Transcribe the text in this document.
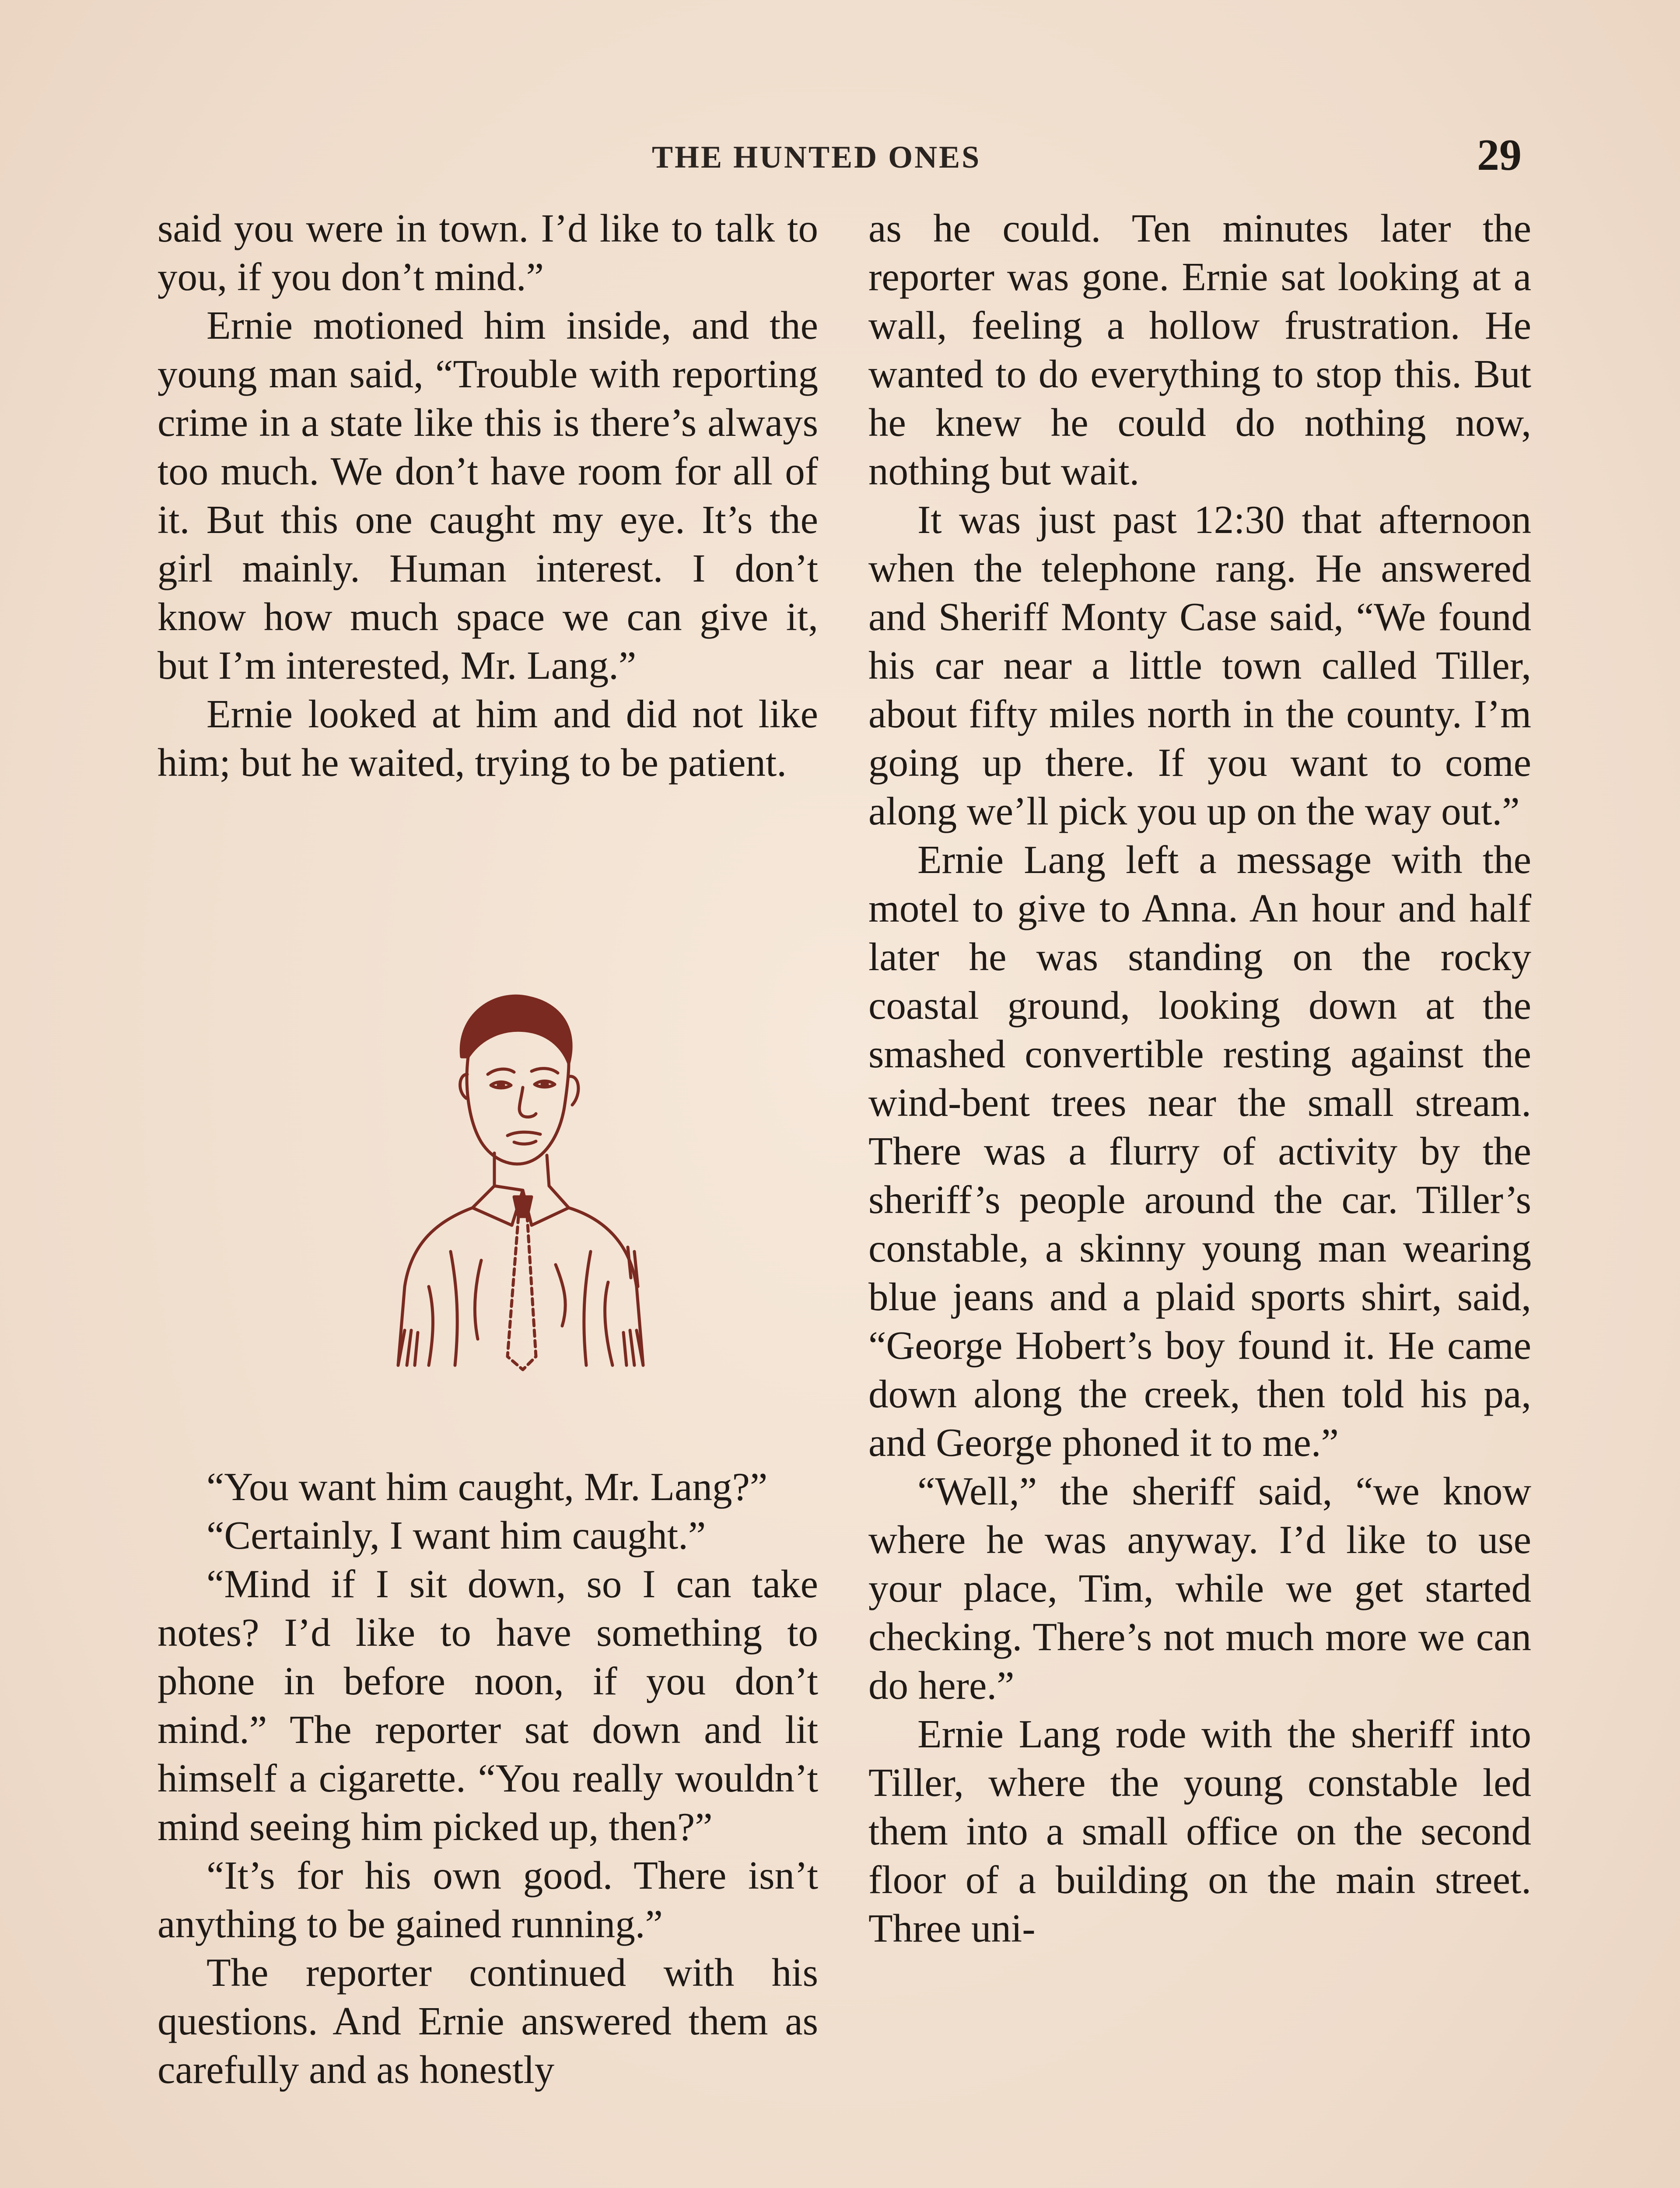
THE HUNTED ONES	29

said you were in town. I’d like to talk to you, if you don’t mind.”

Ernie motioned him inside, and the young man said, “Trouble with reporting crime in a state like this is there’s always too much. We don’t have room for all of it. But this one caught my eye. It’s the girl mainly. Human interest. I don’t know how much space we can give it, but I’m interested, Mr. Lang.”

Ernie looked at him and did not like him; but he waited, trying to be patient.

“You want him caught, Mr. Lang?”

“Certainly, I want him caught.”

“Mind if I sit down, so I can take notes? I’d like to have something to phone in before noon, if you don’t mind.” The reporter sat down and lit himself a cigarette. “You really wouldn’t mind seeing him picked up, then?”

“It’s for his own good. There isn’t anything to be gained running.”

The reporter continued with his questions. And Ernie answered them as carefully and as honestly

as he could. Ten minutes later the reporter was gone. Ernie sat looking at a wall, feeling a hollow frustration. He wanted to do everything to stop this. But he knew he could do nothing now, nothing but wait.

It was just past 12:30 that afternoon when the telephone rang. He answered and Sheriff Monty Case said, “We found his car near a little town called Tiller, about fifty miles north in the county. I’m going up there. If you want to come along we’ll pick you up on the way out.”

Ernie Lang left a message with the motel to give to Anna. An hour and half later he was standing on the rocky coastal ground, looking down at the smashed convertible resting against the wind-bent trees near the small stream. There was a flurry of activity by the sheriff’s people around the car. Tiller’s constable, a skinny young man wearing blue jeans and a plaid sports shirt, said, “George Hobert’s boy found it. He came down along the creek, then told his pa, and George phoned it to me.”

“Well,” the sheriff said, “we know where he was anyway. I’d like to use your place, Tim, while we get started checking. There’s not much more we can do here.”

Ernie Lang rode with the sheriff into Tiller, where the young constable led them into a small office on the second floor of a building on the main street. Three uni-
